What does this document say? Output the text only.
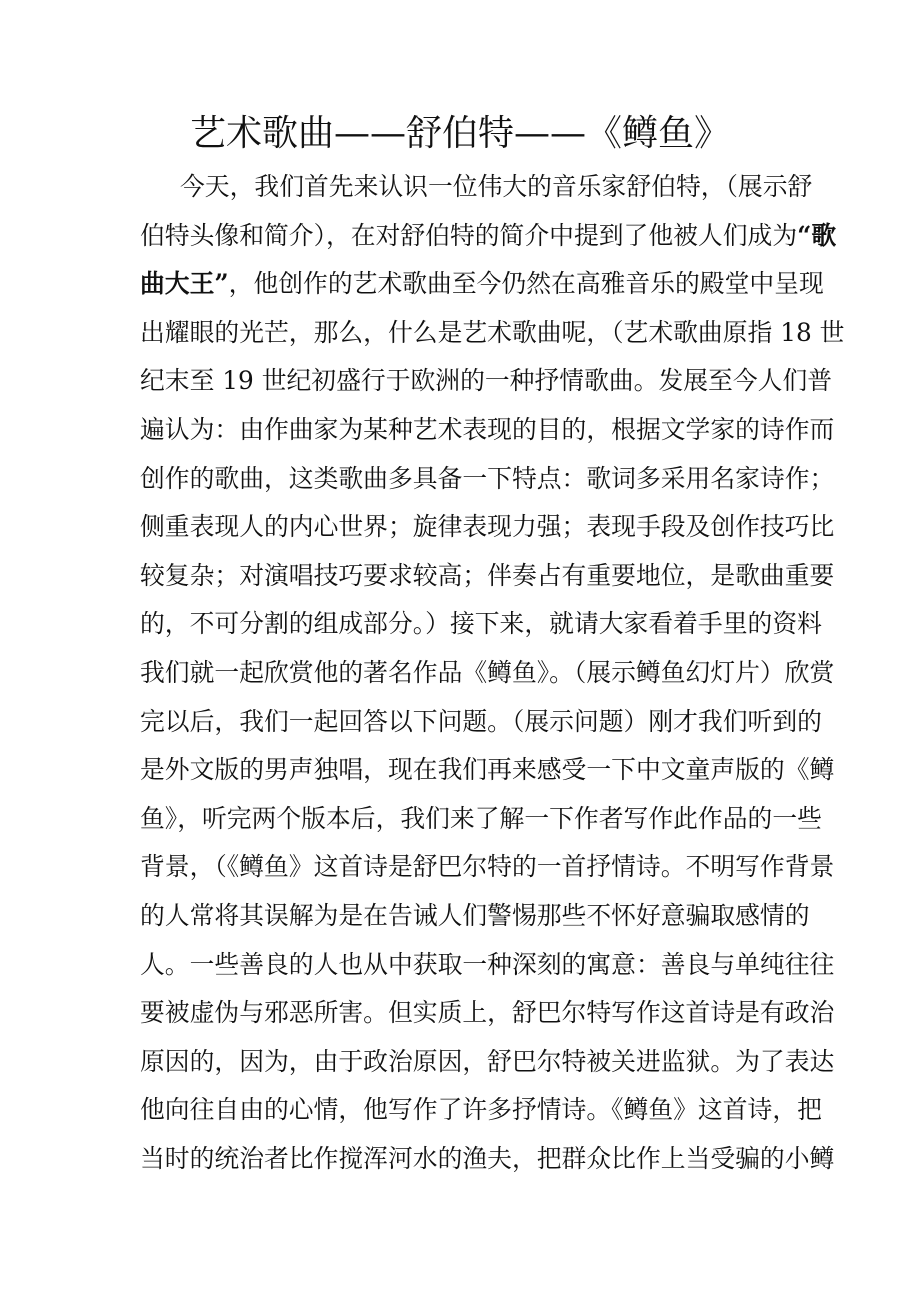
艺术歌曲——舒伯特——《鳟鱼》
今天，我们首先来认识一位伟大的音乐家舒伯特，（展示舒
伯特头像和简介），在对舒伯特的简介中提到了他被人们成为“歌
曲大王”，他创作的艺术歌曲至今仍然在高雅音乐的殿堂中呈现
出耀眼的光芒，那么，什么是艺术歌曲呢，（艺术歌曲原指 18 世
纪末至 19 世纪初盛行于欧洲的一种抒情歌曲。发展至今人们普
遍认为：由作曲家为某种艺术表现的目的，根据文学家的诗作而
创作的歌曲，这类歌曲多具备一下特点：歌词多采用名家诗作；
侧重表现人的内心世界；旋律表现力强；表现手段及创作技巧比
较复杂；对演唱技巧要求较高；伴奏占有重要地位，是歌曲重要
的，不可分割的组成部分。）接下来，就请大家看着手里的资料
我们就一起欣赏他的著名作品《鳟鱼》。（展示鳟鱼幻灯片）欣赏
完以后，我们一起回答以下问题。（展示问题）刚才我们听到的
是外文版的男声独唱，现在我们再来感受一下中文童声版的《鳟
鱼》，听完两个版本后，我们来了解一下作者写作此作品的一些
背景，（《鳟鱼》这首诗是舒巴尔特的一首抒情诗。不明写作背景
的人常将其误解为是在告诫人们警惕那些不怀好意骗取感情的
人。一些善良的人也从中获取一种深刻的寓意：善良与单纯往往
要被虚伪与邪恶所害。但实质上，舒巴尔特写作这首诗是有政治
原因的，因为，由于政治原因，舒巴尔特被关进监狱。为了表达
他向往自由的心情，他写作了许多抒情诗。《鳟鱼》这首诗，把
当时的统治者比作搅浑河水的渔夫，把群众比作上当受骗的小鳟
